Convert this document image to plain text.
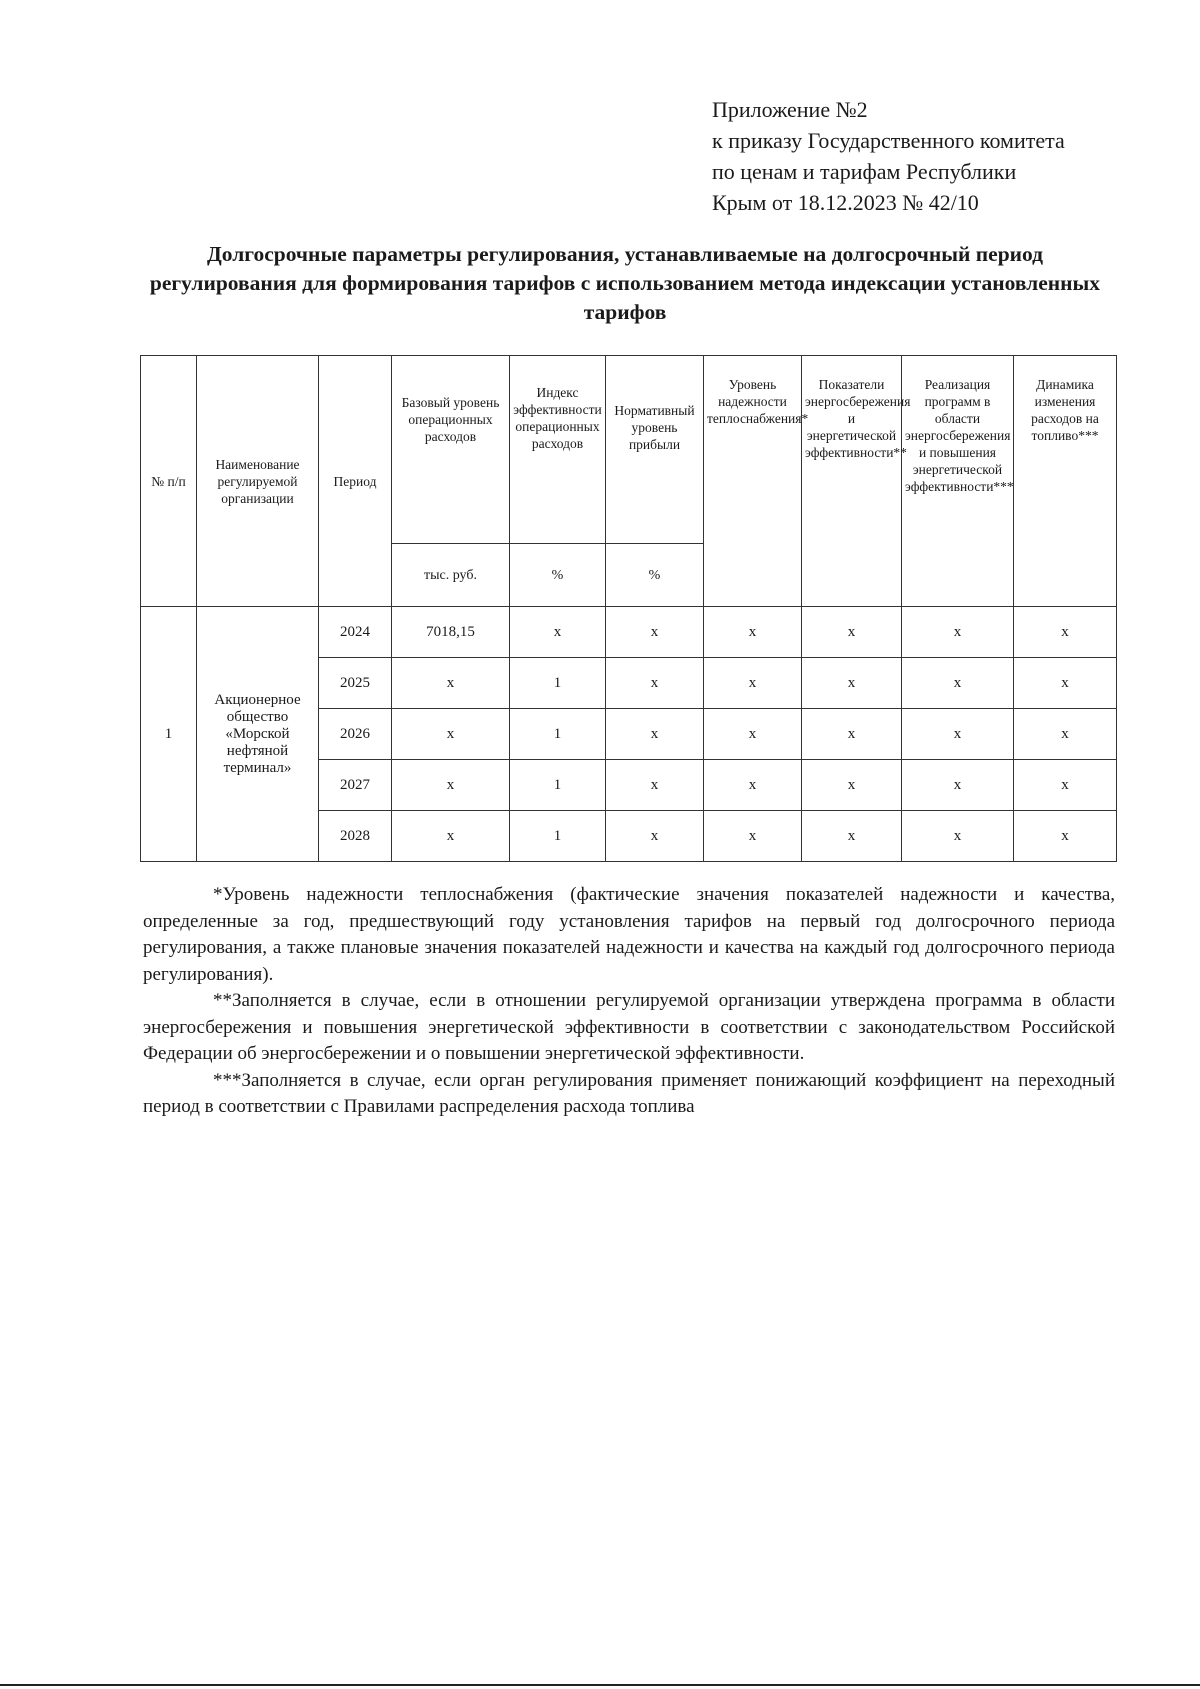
Приложение №2
к приказу Государственного комитета
по ценам и тарифам Республики
Крым от 18.12.2023 № 42/10
Долгосрочные параметры регулирования, устанавливаемые на долгосрочный период регулирования для формирования тарифов с использованием метода индексации установленных тарифов
№ п/п	Наименование регулируемой организации	Период	Базовый уровень операционных расходов	Индекс эффективности операционных расходов	Нормативный уровень прибыли	Уровень надежности теплоснабжения*	Показатели энергосбережения и энергетической эффективности**	Реализация программ в области энергосбережения и повышения энергетической эффективности***	Динамика изменения расходов на топливо***
			тыс. руб.	%	%				
1	Акционерное общество «Морской нефтяной терминал»	2024	7018,15	х	х	х	х	х	х
		2025	х	1	х	х	х	х	х
		2026	х	1	х	х	х	х	х
		2027	х	1	х	х	х	х	х
		2028	х	1	х	х	х	х	х

*Уровень надежности теплоснабжения (фактические значения показателей надежности и качества, определенные за год, предшествующий году установления тарифов на первый год долгосрочного периода регулирования, а также плановые значения показателей надежности и качества на каждый год долгосрочного периода регулирования).

**Заполняется в случае, если в отношении регулируемой организации утверждена программа в области энергосбережения и повышения энергетической эффективности в соответствии с законодательством Российской Федерации об энергосбережении и о повышении энергетической эффективности.

***Заполняется в случае, если орган регулирования применяет понижающий коэффициент на переходный период в соответствии с Правилами распределения расхода топлива
